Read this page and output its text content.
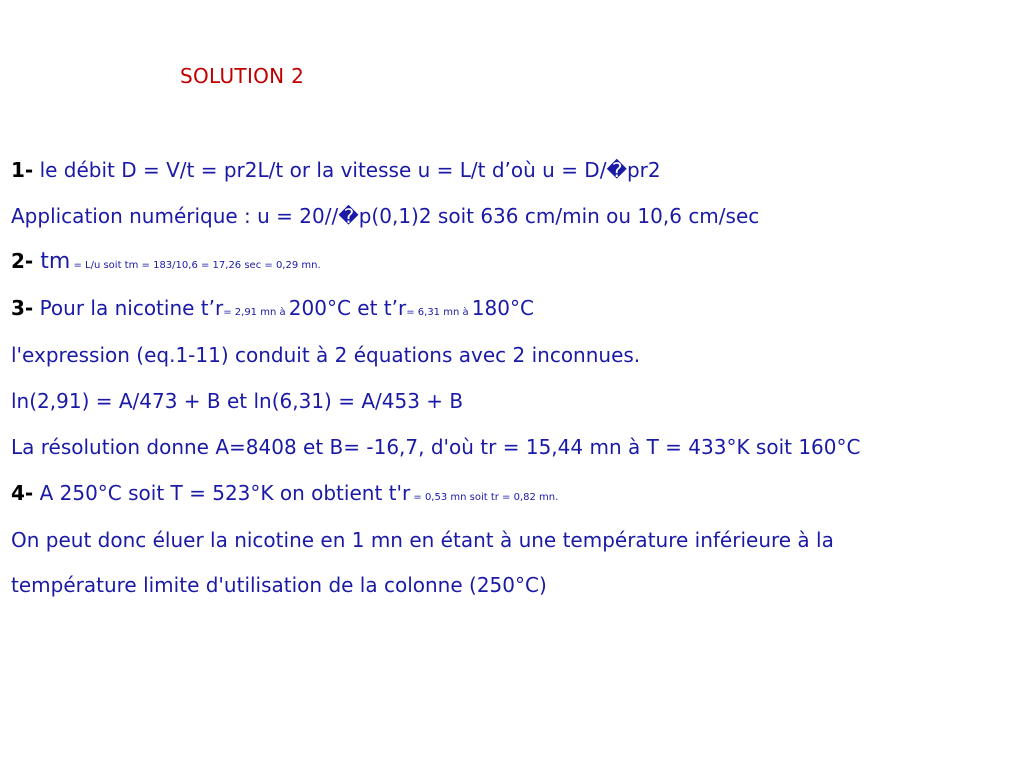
SOLUTION 2
1- le débit D = V/t = pr2L/t or la vitesse u = L/t d’où u = D/�pr2
Application numérique : u = 20//�p(0,1)2 soit 636 cm/min ou 10,6 cm/sec
2- tm = L/u soit tm = 183/10,6 = 17,26 sec = 0,29 mn.
3- Pour la nicotine t’r= 2,91 mn à 200°C et t’r= 6,31 mn à 180°C
l'expression (eq.1-11) conduit à 2 équations avec 2 inconnues.
ln(2,91) = A/473 + B et ln(6,31) = A/453 + B
La résolution donne A=8408 et B= -16,7, d'où tr = 15,44 mn à T = 433°K soit 160°C
4- A 250°C soit T = 523°K on obtient t'r = 0,53 mn soit tr = 0,82 mn.
On peut donc éluer la nicotine en 1 mn en étant à une température inférieure à la
température limite d'utilisation de la colonne (250°C)
